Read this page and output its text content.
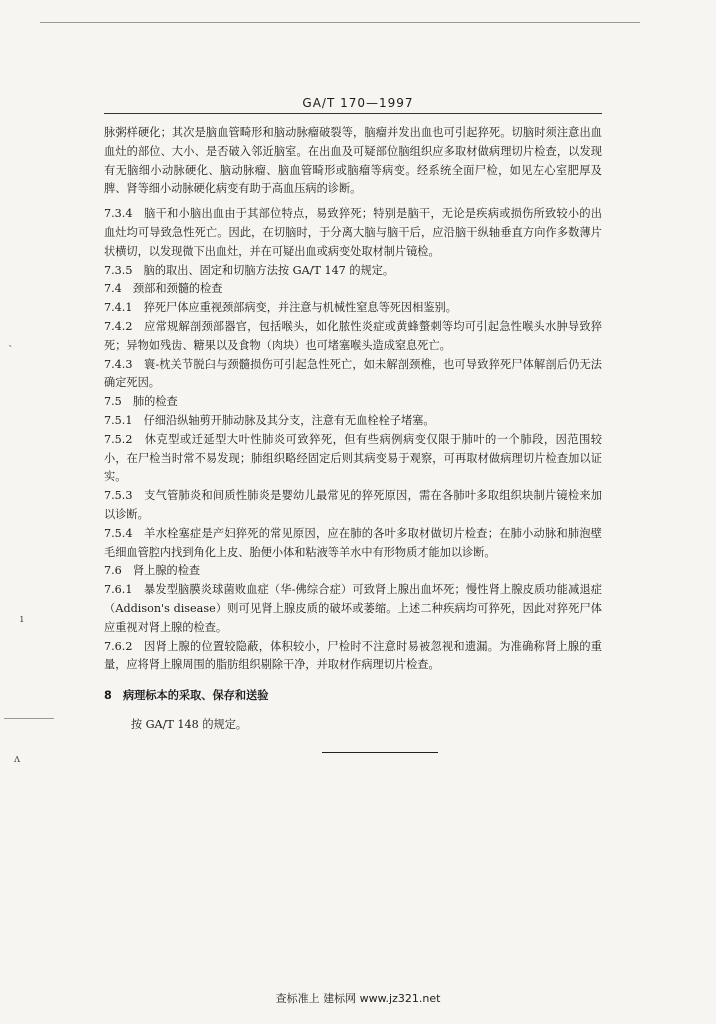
`
ı
ᴧ
GA/T 170—1997

脉粥样硬化；其次是脑血管畸形和脑动脉瘤破裂等，脑瘤并发出血也可引起猝死。切脑时须注意出血血灶的部位、大小、是否破入邻近脑室。在出血及可疑部位脑组织应多取材做病理切片检查，以发现有无脑细小动脉硬化、脑动脉瘤、脑血管畸形或脑瘤等病变。经系统全面尸检，如见左心室肥厚及脾、肾等细小动脉硬化病变有助于高血压病的诊断。

7.3.4　脑干和小脑出血由于其部位特点，易致猝死；特别是脑干，无论是疾病或损伤所致较小的出血灶均可导致急性死亡。因此，在切脑时，于分离大脑与脑干后，应沿脑干纵轴垂直方向作多数薄片状横切，以发现微下出血灶，并在可疑出血或病变处取材制片镜检。

7.3.5　脑的取出、固定和切脑方法按 GA/T 147 的规定。

7.4　颈部和颈髓的检查

7.4.1　猝死尸体应重视颈部病变，并注意与机械性窒息等死因相鉴别。

7.4.2　应常规解剖颈部器官，包括喉头，如化脓性炎症或黄蜂螫刺等均可引起急性喉头水肿导致猝死；异物如残齿、糖果以及食物（肉块）也可堵塞喉头造成窒息死亡。

7.4.3　寰-枕关节脱臼与颈髓损伤可引起急性死亡，如未解剖颈椎，也可导致猝死尸体解剖后仍无法确定死因。

7.5　肺的检查

7.5.1　仔细沿纵轴剪开肺动脉及其分支，注意有无血栓栓子堵塞。

7.5.2　休克型或迁延型大叶性肺炎可致猝死，但有些病例病变仅限于肺叶的一个肺段，因范围较小，在尸检当时常不易发现；肺组织略经固定后则其病变易于观察，可再取材做病理切片检查加以证实。

7.5.3　支气管肺炎和间质性肺炎是婴幼儿最常见的猝死原因，需在各肺叶多取组织块制片镜检来加以诊断。

7.5.4　羊水栓塞症是产妇猝死的常见原因，应在肺的各叶多取材做切片检查；在肺小动脉和肺泡壁毛细血管腔内找到角化上皮、胎便小体和粘液等羊水中有形物质才能加以诊断。

7.6　肾上腺的检查

7.6.1　暴发型脑膜炎球菌败血症（华-佛综合症）可致肾上腺出血坏死；慢性肾上腺皮质功能减退症（Addison's disease）则可见肾上腺皮质的破坏或萎缩。上述二种疾病均可猝死，因此对猝死尸体应重视对肾上腺的检查。

7.6.2　因肾上腺的位置较隐蔽，体积较小，尸检时不注意时易被忽视和遗漏。为准确称肾上腺的重量，应将肾上腺周围的脂肪组织剔除干净，并取材作病理切片检查。

8　病理标本的采取、保存和送验

按 GA/T 148 的规定。

查标准上 建标网 www.jz321.net
